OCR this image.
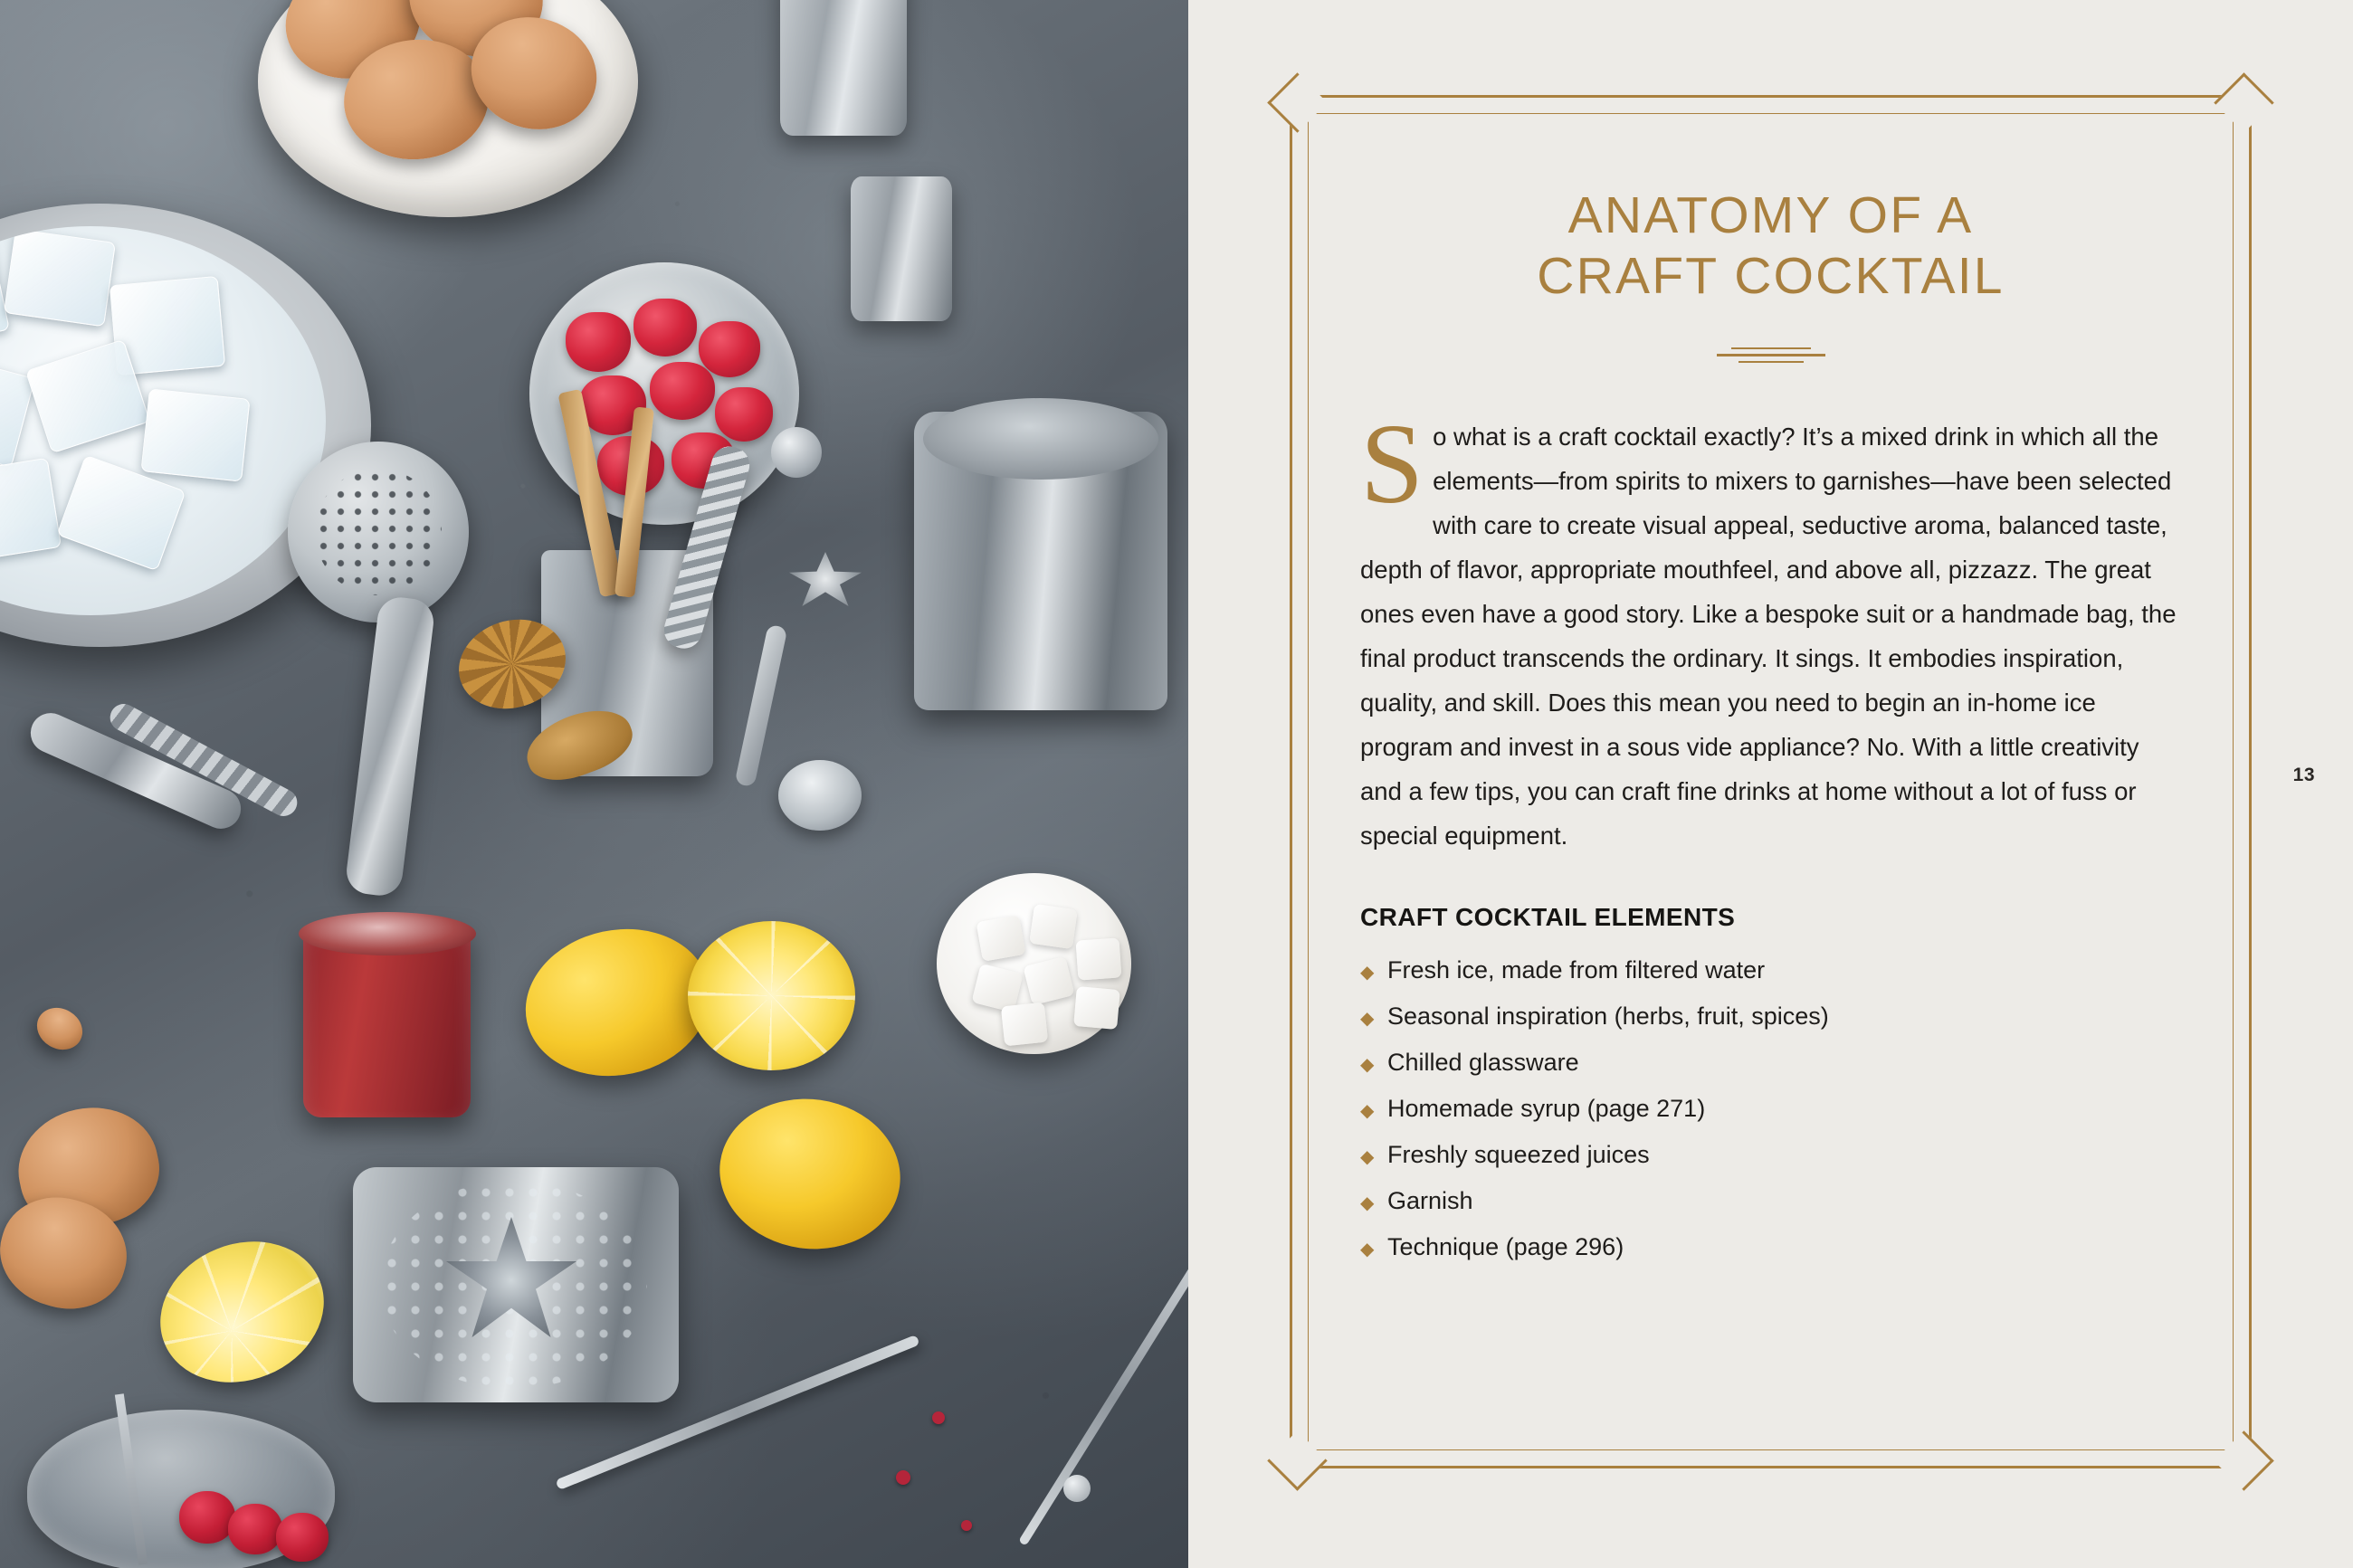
ANATOMY OF A
CRAFT COCKTAIL
So what is a craft cocktail exactly? It’s a mixed drink in which all the elements—from spirits to mixers to garnishes—have been selected with care to create visual appeal, seductive aroma, balanced taste, depth of flavor, appropriate mouthfeel, and above all, pizzazz. The great ones even have a good story. Like a bespoke suit or a handmade bag, the final product transcends the ordinary. It sings. It embodies inspiration, quality, and skill. Does this mean you need to begin an in-home ice program and invest in a sous vide appliance? No. With a little creativity and a few tips, you can craft fine drinks at home without a lot of fuss or special equipment.
CRAFT COCKTAIL ELEMENTS
◆ Fresh ice, made from filtered water
◆ Seasonal inspiration (herbs, fruit, spices)
◆ Chilled glassware
◆ Homemade syrup (page 271)
◆ Freshly squeezed juices
◆ Garnish
◆ Technique (page 296)
13
